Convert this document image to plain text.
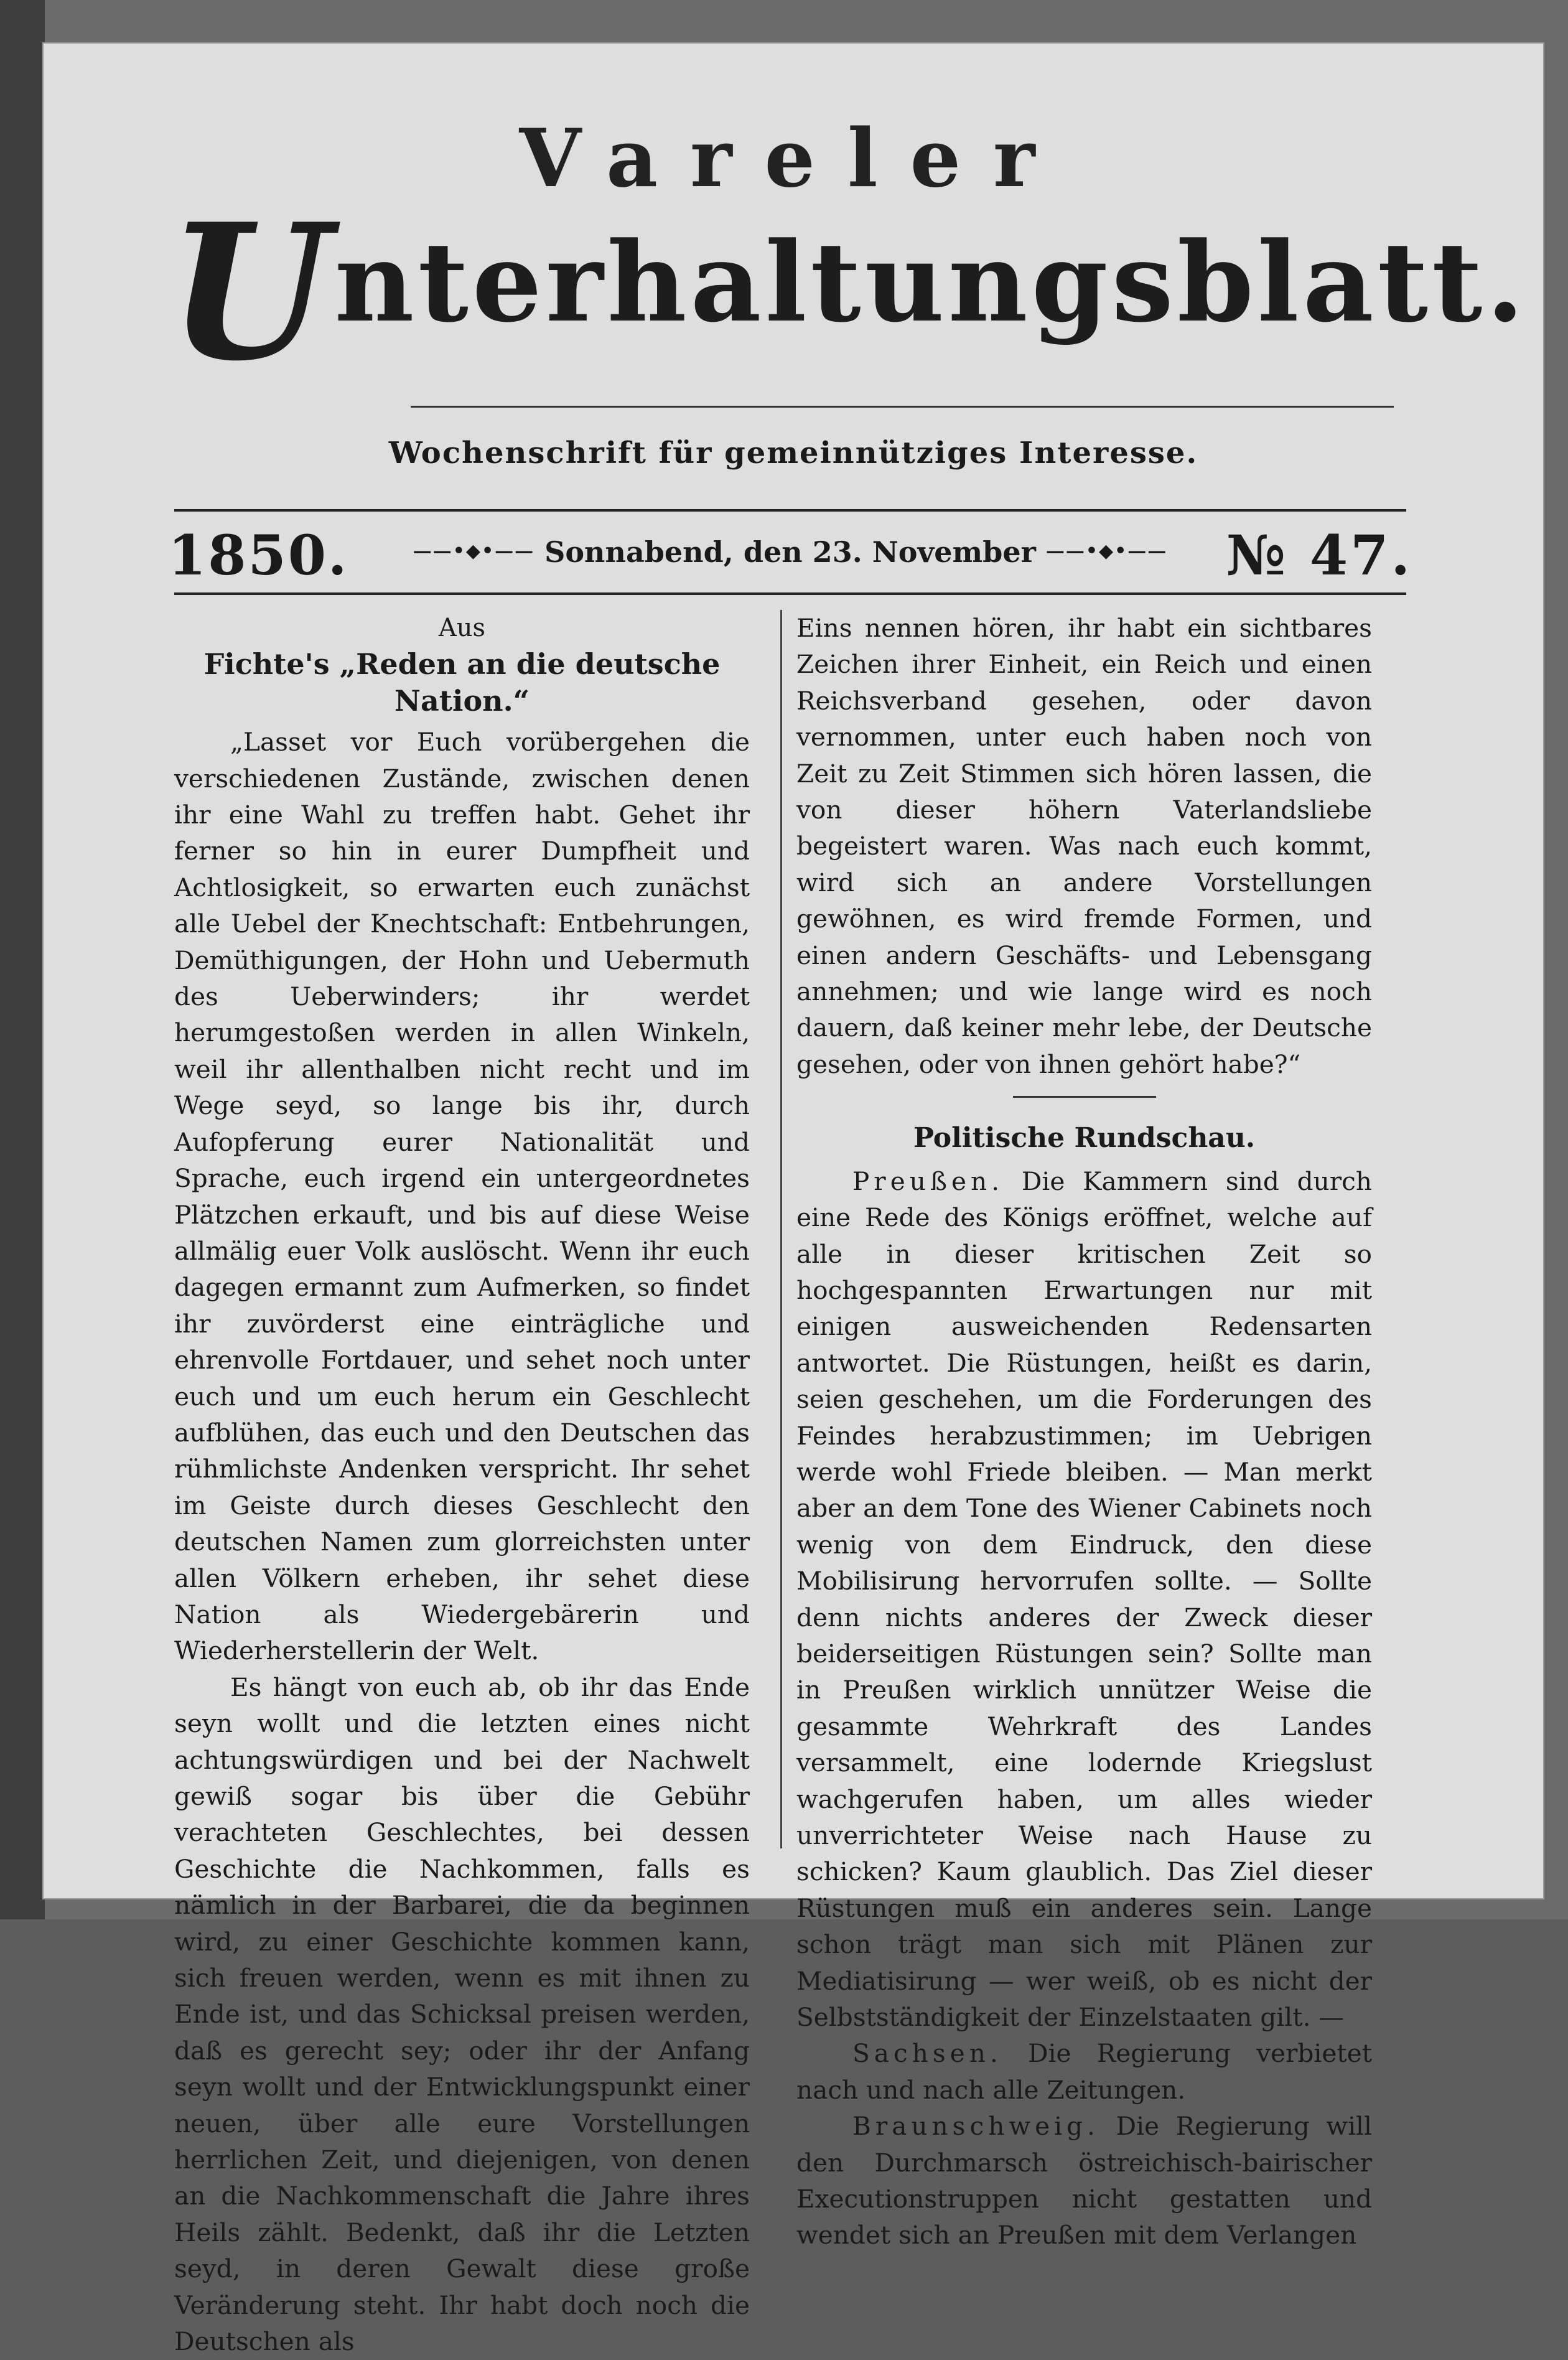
Vareler
Unterhaltungsblatt.
Wochenschrift für gemeinnütziges Interesse.
1850.	——•◆•—— Sonnabend, den 23. November ——•◆•——	№ 47.

Aus

Fichte's „Reden an die deutsche Nation.“

„Lasset vor Euch vorübergehen die verschiedenen Zustände, zwischen denen ihr eine Wahl zu treffen habt. Gehet ihr ferner so hin in eurer Dumpfheit und Achtlosigkeit, so erwarten euch zunächst alle Uebel der Knechtschaft: Entbehrungen, Demüthigungen, der Hohn und Uebermuth des Ueberwinders; ihr werdet herumgestoßen werden in allen Winkeln, weil ihr allenthalben nicht recht und im Wege seyd, so lange bis ihr, durch Aufopferung eurer Nationalität und Sprache, euch irgend ein untergeordnetes Plätzchen erkauft, und bis auf diese Weise allmälig euer Volk auslöscht. Wenn ihr euch dagegen ermannt zum Aufmerken, so findet ihr zuvörderst eine einträgliche und ehrenvolle Fortdauer, und sehet noch unter euch und um euch herum ein Geschlecht aufblühen, das euch und den Deutschen das rühmlichste Andenken verspricht. Ihr sehet im Geiste durch dieses Geschlecht den deutschen Namen zum glorreichsten unter allen Völkern erheben, ihr sehet diese Nation als Wiedergebärerin und Wiederherstellerin der Welt.

Es hängt von euch ab, ob ihr das Ende seyn wollt und die letzten eines nicht achtungswürdigen und bei der Nachwelt gewiß sogar bis über die Gebühr verachteten Geschlechtes, bei dessen Geschichte die Nachkommen, falls es nämlich in der Barbarei, die da beginnen wird, zu einer Geschichte kommen kann, sich freuen werden, wenn es mit ihnen zu Ende ist, und das Schicksal preisen werden, daß es gerecht sey; oder ihr der Anfang seyn wollt und der Entwicklungspunkt einer neuen, über alle eure Vorstellungen herrlichen Zeit, und diejenigen, von denen an die Nachkommenschaft die Jahre ihres Heils zählt. Bedenkt, daß ihr die Letzten seyd, in deren Gewalt diese große Veränderung steht. Ihr habt doch noch die Deutschen als

Eins nennen hören, ihr habt ein sichtbares Zeichen ihrer Einheit, ein Reich und einen Reichsverband gesehen, oder davon vernommen, unter euch haben noch von Zeit zu Zeit Stimmen sich hören lassen, die von dieser höhern Vaterlandsliebe begeistert waren. Was nach euch kommt, wird sich an andere Vorstellungen gewöhnen, es wird fremde Formen, und einen andern Geschäfts- und Lebensgang annehmen; und wie lange wird es noch dauern, daß keiner mehr lebe, der Deutsche gesehen, oder von ihnen gehört habe?“

Politische Rundschau.

Preußen. Die Kammern sind durch eine Rede des Königs eröffnet, welche auf alle in dieser kritischen Zeit so hochgespannten Erwartungen nur mit einigen ausweichenden Redensarten antwortet. Die Rüstungen, heißt es darin, seien geschehen, um die Forderungen des Feindes herabzustimmen; im Uebrigen werde wohl Friede bleiben. — Man merkt aber an dem Tone des Wiener Cabinets noch wenig von dem Eindruck, den diese Mobilisirung hervorrufen sollte. — Sollte denn nichts anderes der Zweck dieser beiderseitigen Rüstungen sein? Sollte man in Preußen wirklich unnützer Weise die gesammte Wehrkraft des Landes versammelt, eine lodernde Kriegslust wachgerufen haben, um alles wieder unverrichteter Weise nach Hause zu schicken? Kaum glaublich. Das Ziel dieser Rüstungen muß ein anderes sein. Lange schon trägt man sich mit Plänen zur Mediatisirung — wer weiß, ob es nicht der Selbstständigkeit der Einzelstaaten gilt. —

Sachsen. Die Regierung verbietet nach und nach alle Zeitungen.

Braunschweig. Die Regierung will den Durchmarsch östreichisch-bairischer Executionstruppen nicht gestatten und wendet sich an Preußen mit dem Verlangen
